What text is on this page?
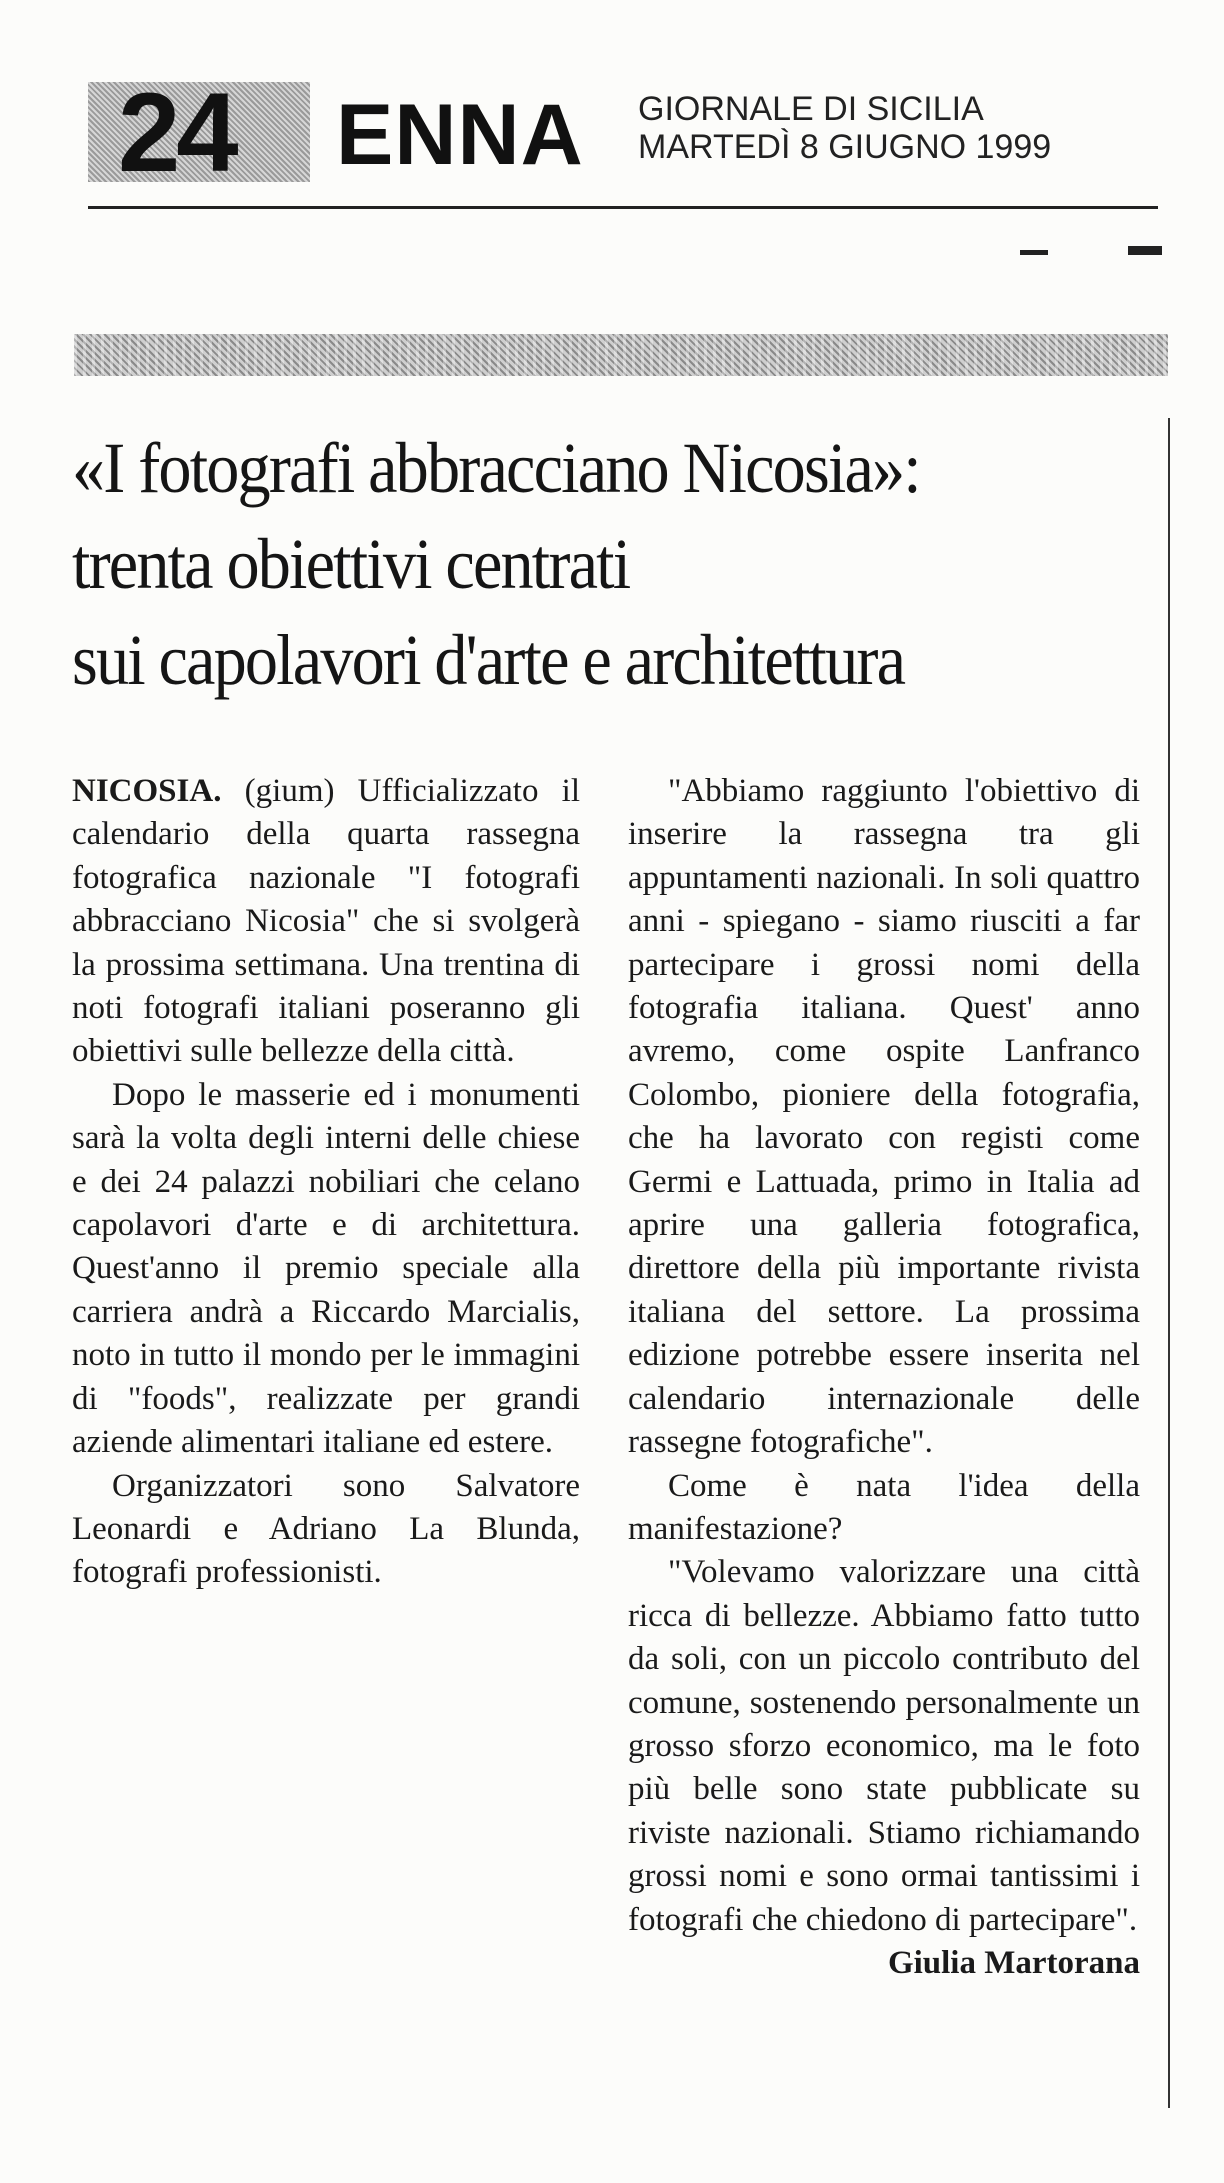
24 ENNA GIORNALE DI SICILIA
MARTEDÌ 8 GIUGNO 1999
«I fotografi abbracciano Nicosia»:
trenta obiettivi centrati
sui capolavori d'arte e architettura

NICOSIA. (gium) Ufficializzato il calendario della quarta rassegna fotografica nazionale "I fotografi abbracciano Nicosia" che si svolgerà la prossima settimana. Una trentina di noti fotografi italiani poseranno gli obiettivi sulle bellezze della città.

Dopo le masserie ed i monumenti sarà la volta degli interni delle chiese e dei 24 palazzi nobiliari che celano capolavori d'arte e di architettura. Quest'anno il premio speciale alla carriera andrà a Riccardo Marcialis, noto in tutto il mondo per le immagini di "foods", realizzate per grandi aziende alimentari italiane ed estere.

Organizzatori sono Salvatore Leonardi e Adriano La Blunda, fotografi professionisti.

"Abbiamo raggiunto l'obiettivo di inserire la rassegna tra gli appuntamenti nazionali. In soli quattro anni - spiegano - siamo riusciti a far partecipare i grossi nomi della fotografia italiana. Quest' anno avremo, come ospite Lanfranco Colombo, pioniere della fotografia, che ha lavorato con registi come Germi e Lattuada, primo in Italia ad aprire una galleria fotografica, direttore della più importante rivista italiana del settore. La prossima edizione potrebbe essere inserita nel calendario internazionale delle rassegne fotografiche".

Come è nata l'idea della manifestazione?

"Volevamo valorizzare una città ricca di bellezze. Abbiamo fatto tutto da soli, con un piccolo contributo del comune, sostenendo personalmente un grosso sforzo economico, ma le foto più belle sono state pubblicate su riviste nazionali. Stiamo richiamando grossi nomi e sono ormai tantissimi i fotografi che chiedono di partecipare".

Giulia Martorana
